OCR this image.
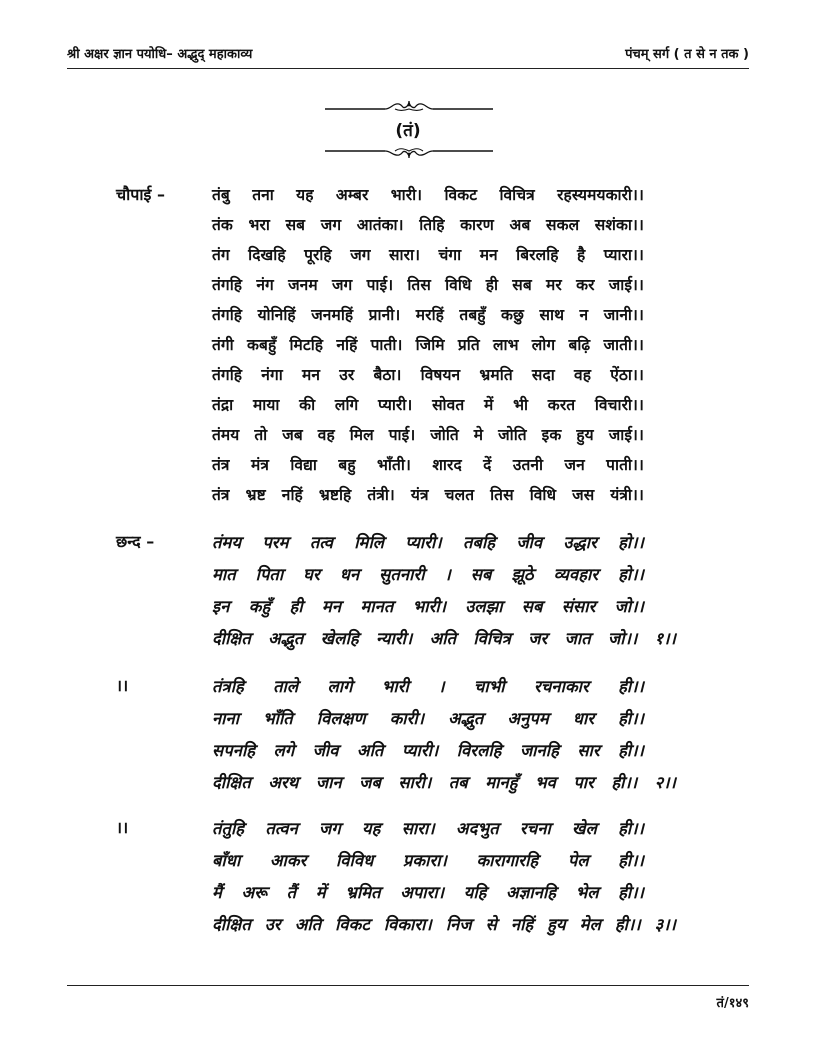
श्री अक्षर ज्ञान पयोधि– अद्भुद् महाकाव्य	पंचम् सर्ग ( त से न तक )
(तं)
चौपाई –	तंबु तना यह अम्बर भारी। विकट विचित्र रहस्यमयकारी।।
तंक भरा सब जग आतंका। तिहि कारण अब सकल सशंका।।
तंग दिखहि पूरहि जग सारा। चंगा मन बिरलहि है प्यारा।।
तंगहि नंग जनम जग पाई। तिस विधि ही सब मर कर जाई।।
तंगहि योनिहिं जनमहिं प्रानी। मरहिं तबहुँ कछु साथ न जानी।।
तंगी कबहुँ मिटहि नहिं पाती। जिमि प्रति लाभ लोग बढ़ि जाती।।
तंगहि नंगा मन उर बैठा। विषयन भ्रमति सदा वह ऐंठा।।
तंद्रा माया की लगि प्यारी। सोवत में भी करत विचारी।।
तंमय तो जब वह मिल पाई। जोति मे जोति इक हुय जाई।।
तंत्र मंत्र विद्या बहु भाँती। शारद दें उतनी जन पाती।।
तंत्र भ्रष्ट नहिं भ्रष्टहि तंत्री। यंत्र चलत तिस विधि जस यंत्री।।
छन्द –	तंमय परम तत्व मिलि प्यारी। तबहि जीव उद्धार हो।।
मात पिता घर धन सुतनारी । सब झूठे व्यवहार हो।।
इन कहुँ ही मन मानत भारी। उलझा सब संसार जो।।
दीक्षित अद्भुत खेलहि न्यारी। अति विचित्र जर जात जो।। १।।
।।	तंत्रहि ताले लागे भारी । चाभी रचनाकार ही।।
नाना भाँति विलक्षण कारी। अद्भुत अनुपम धार ही।।
सपनहि लगे जीव अति प्यारी। विरलहि जानहि सार ही।।
दीक्षित अरथ जान जब सारी। तब मानहुँ भव पार ही।। २।।
।।	तंतुहि तत्वन जग यह सारा। अदभुत रचना खेल ही।।
बाँधा आकर विविध प्रकारा। कारागारहि पेल ही।।
मैं अरू तैं में भ्रमित अपारा। यहि अज्ञानहि भेल ही।।
दीक्षित उर अति विकट विकारा। निज से नहिं हुय मेल ही।। ३।।
तं/१४९
